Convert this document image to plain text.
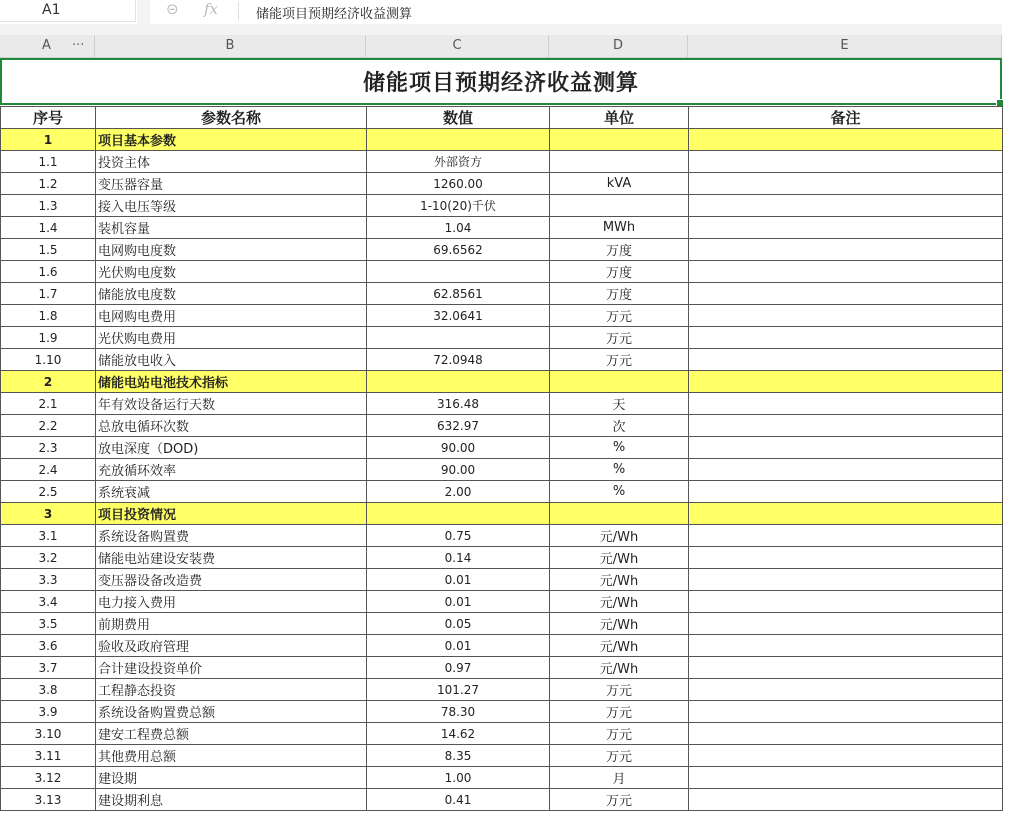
A1	⊝ fx	储能项目预期经济收益测算
A ···	B	C	D	E
储能项目预期经济收益测算
序号	参数名称	数值	单位	备注
1	项目基本参数			
1.1	投资主体	外部资方		
1.2	变压器容量	1260.00	kVA	
1.3	接入电压等级	1-10(20)千伏		
1.4	装机容量	1.04	MWh	
1.5	电网购电度数	69.6562	万度	
1.6	光伏购电度数		万度	
1.7	储能放电度数	62.8561	万度	
1.8	电网购电费用	32.0641	万元	
1.9	光伏购电费用		万元	
1.10	储能放电收入	72.0948	万元	
2	储能电站电池技术指标			
2.1	年有效设备运行天数	316.48	天	
2.2	总放电循环次数	632.97	次	
2.3	放电深度（DOD)	90.00	%	
2.4	充放循环效率	90.00	%	
2.5	系统衰减	2.00	%	
3	项目投资情况			
3.1	系统设备购置费	0.75	元/Wh	
3.2	储能电站建设安装费	0.14	元/Wh	
3.3	变压器设备改造费	0.01	元/Wh	
3.4	电力接入费用	0.01	元/Wh	
3.5	前期费用	0.05	元/Wh	
3.6	验收及政府管理	0.01	元/Wh	
3.7	合计建设投资单价	0.97	元/Wh	
3.8	工程静态投资	101.27	万元	
3.9	系统设备购置费总额	78.30	万元	
3.10	建安工程费总额	14.62	万元	
3.11	其他费用总额	8.35	万元	
3.12	建设期	1.00	月	
3.13	建设期利息	0.41	万元	
